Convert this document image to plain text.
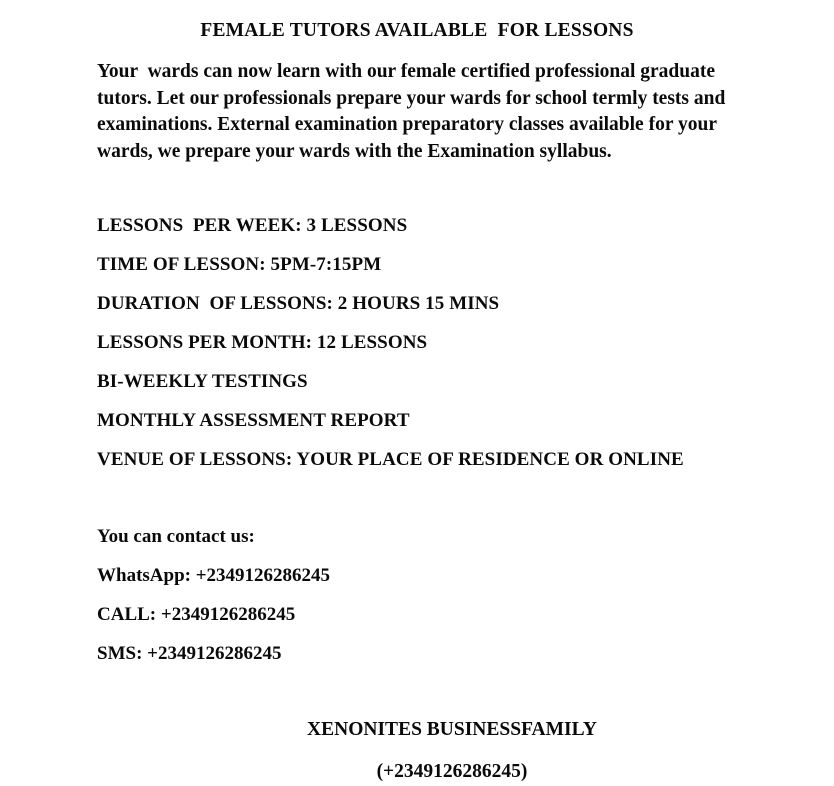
FEMALE TUTORS AVAILABLE  FOR LESSONS
Your  wards can now learn with our female certified professional graduate tutors. Let our professionals prepare your wards for school termly tests and examinations. External examination preparatory classes available for your wards, we prepare your wards with the Examination syllabus.
LESSONS  PER WEEK: 3 LESSONS
TIME OF LESSON: 5PM-7:15PM
DURATION  OF LESSONS: 2 HOURS 15 MINS
LESSONS PER MONTH: 12 LESSONS
BI-WEEKLY TESTINGS
MONTHLY ASSESSMENT REPORT
VENUE OF LESSONS: YOUR PLACE OF RESIDENCE OR ONLINE
You can contact us:
WhatsApp: +2349126286245
CALL: +2349126286245
SMS: +2349126286245
XENONITES BUSINESSFAMILY
(+2349126286245)
